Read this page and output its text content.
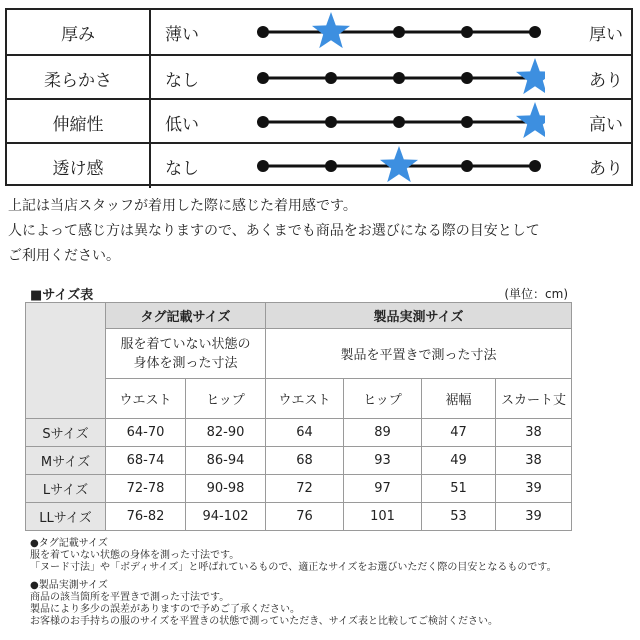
厚み	薄い	厚い
柔らかさ	なし	あり
伸縮性	低い	高い
透け感	なし	あり
上記は当店スタッフが着用した際に感じた着用感です。
人によって感じ方は異なりますので、あくまでも商品をお選びになる際の目安として
ご利用ください。
■サイズ表	(単位：cm)
	タグ記載サイズ		製品実測サイズ			
	服を着ていない状態の
身体を測った寸法		製品を平置きで測った寸法			
	ウエスト	ヒップ	ウエスト	ヒップ	裾幅	スカート丈
Sサイズ	64-70	82-90	64	89	47	38
Mサイズ	68-74	86-94	68	93	49	38
Lサイズ	72-78	90-98	72	97	51	39
LLサイズ	76-82	94-102	76	101	53	39
●タグ記載サイズ
服を着ていない状態の身体を測った寸法です。
「ヌード寸法」や「ボディサイズ」と呼ばれているもので、適正なサイズをお選びいただく際の目安となるものです。
●製品実測サイズ
商品の該当箇所を平置きで測った寸法です。
製品により多少の誤差がありますので予めご了承ください。
お客様のお手持ちの服のサイズを平置きの状態で測っていただき、サイズ表と比較してご検討ください。
